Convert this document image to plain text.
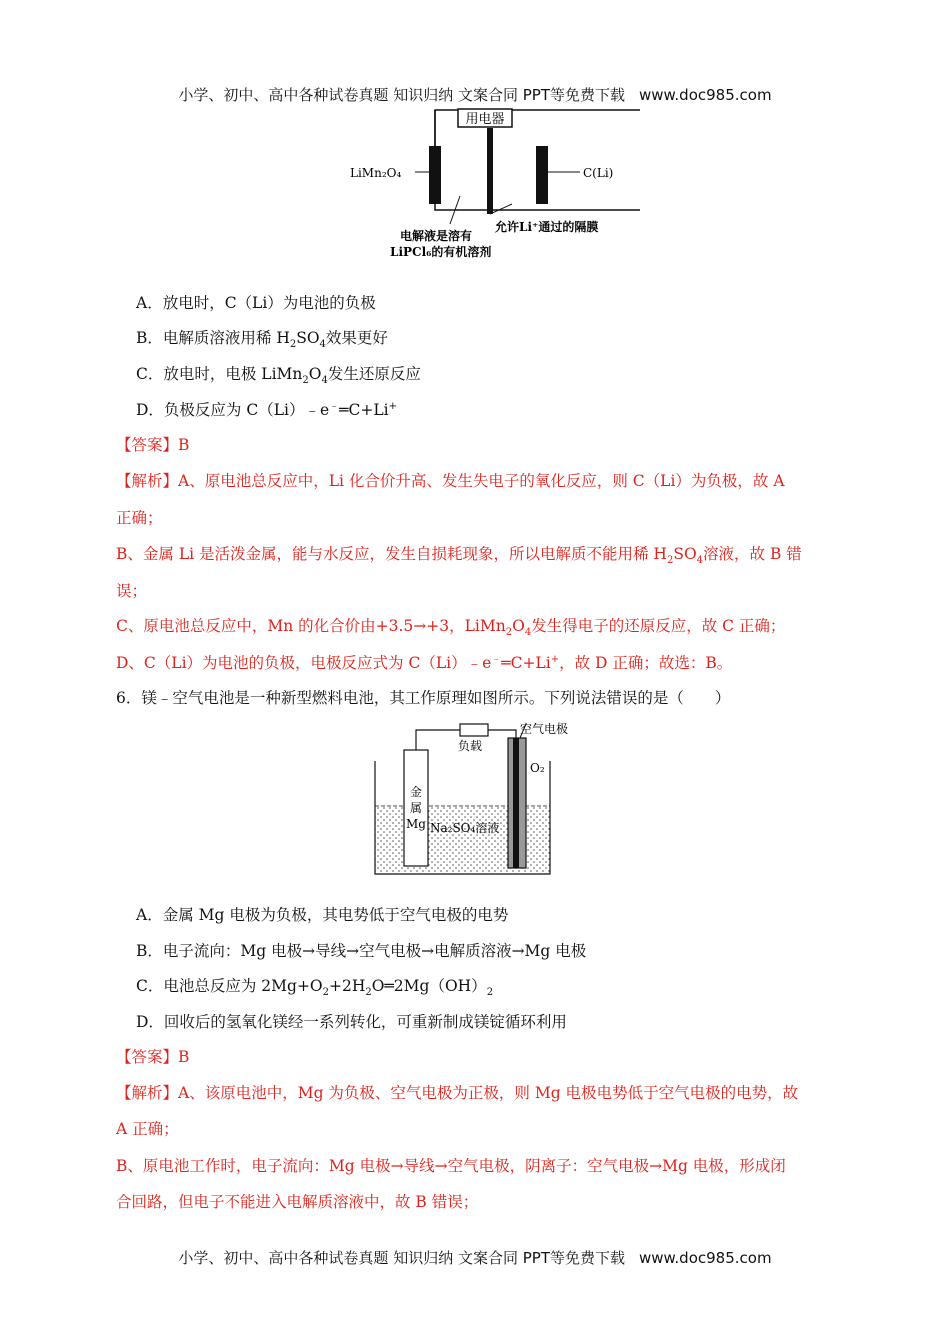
小学、初中、高中各种试卷真题 知识归纳 文案合同 PPT等免费下载 www.doc985.com
用电器
LiMn₂O₄	C(Li)
允许Li⁺通过的隔膜
电解液是溶有
LiPCl₆的有机溶剂
A．放电时，C（Li）为电池的负极
B．电解质溶液用稀 $H_2SO_4$效果更好
C．放电时，电极 $LiMn_2O_4$发生还原反应
D．负极反应为 C（Li）﹣e﹣═C+Li+
【答案】B
【解析】A、原电池总反应中，Li 化合价升高、发生失电子的氧化反应，则 C（Li）为负极，故 A
正确；
B、金属 Li 是活泼金属，能与水反应，发生自损耗现象，所以电解质不能用稀 $H_2SO_4$溶液，故 B 错
误；
C、原电池总反应中，Mn 的化合价由+3.5→+3，$LiMn_2O_4$发生得电子的还原反应，故 C 正确；
D、C（Li）为电池的负极，电极反应式为 C（Li）﹣e﹣═C+Li+，故 D 正确；故选：B。
6．镁﹣空气电池是一种新型燃料电池，其工作原理如图所示。下列说法错误的是（　　）
金
属
Mg
负载
空气电极
O₂
Na₂SO₄溶液
A．金属 Mg 电极为负极，其电势低于空气电极的电势
B．电子流向：Mg 电极→导线→空气电极→电解质溶液→Mg 电极
C．电池总反应为 $2Mg+O_2+2H_2O═2Mg(OH)_2$
D．回收后的氢氧化镁经一系列转化，可重新制成镁锭循环利用
【答案】B
【解析】A、该原电池中，Mg 为负极、空气电极为正极，则 Mg 电极电势低于空气电极的电势，故
A 正确；
B、原电池工作时，电子流向：Mg 电极→导线→空气电极，阴离子：空气电极→Mg 电极，形成闭
合回路，但电子不能进入电解质溶液中，故 B 错误；
小学、初中、高中各种试卷真题 知识归纳 文案合同 PPT等免费下载 www.doc985.com
